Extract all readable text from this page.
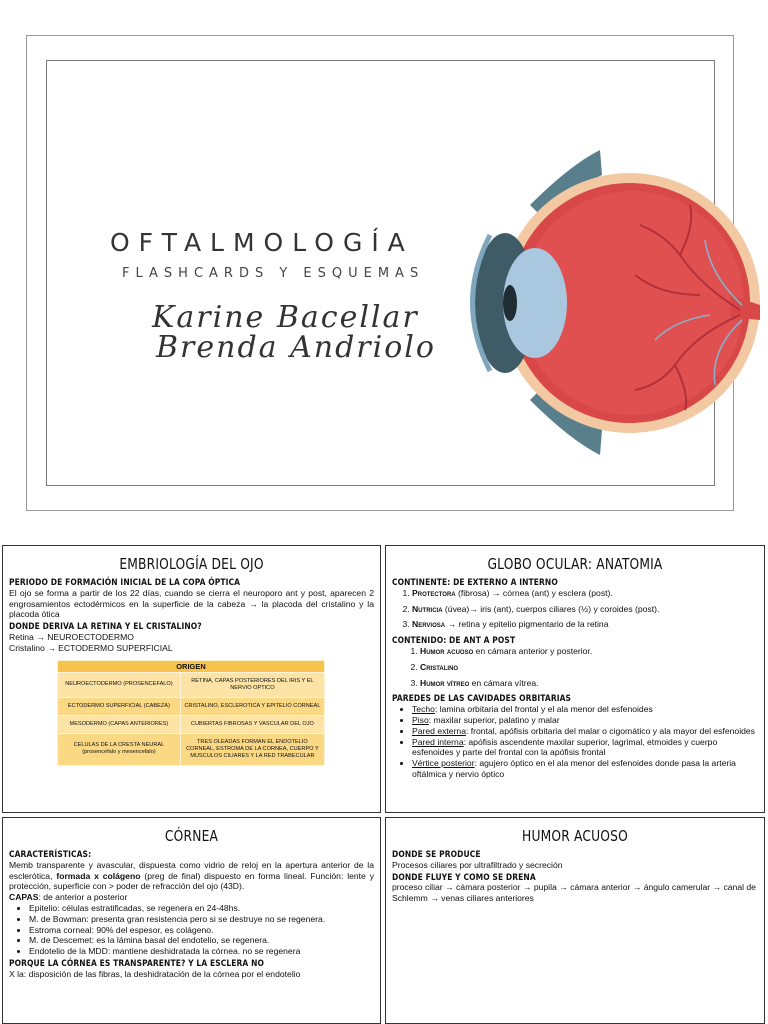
OFTALMOLOGÍA
FLASHCARDS Y ESQUEMAS
Karine Bacellar
Brenda Andriolo
EMBRIOLOGÍA DEL OJO
PERIODO DE FORMACIÓN INICIAL DE LA COPA ÓPTICA

El ojo se forma a partir de los 22 días, cuando se cierra el neuroporo ant y post, aparecen 2 engrosamientos ectodérmicos en la superficie de la cabeza → la placoda del cristalino y la placoda ótica

DONDE DERIVA LA RETINA Y EL CRISTALINO?

Retina → NEUROECTODERMO

Cristalino → ECTODERMO SUPERFICIAL

ORIGEN	
NEUROECTODERMO (PROSENCEFALO)	RETINA, CAPAS POSTERIORES DEL IRIS Y EL NERVIO OPTICO
ECTODERMO SUPERFICIAL (CABEZA)	CRISTALINO, ESCLEROTICA Y EPITELIO CORNEAL
MESODERMO (CAPAS ANTERIORES)	CUBIERTAS FIBROSAS Y VASCULAR DEL OJO
CELULAS DE LA CRESTA NEURAL (prosencefalo y mesencefalo)	TRES OLEADAS FORMAN EL ENDOTELIO CORNEAL, ESTROMA DE LA CORNEA, CUERPO Y MUSCULOS CILIARES Y LA RED TRABECULAR
GLOBO OCULAR: ANATOMIA
CONTINENTE: DE EXTERNO A INTERNO
1. Protectora (fibrosa) → córnea (ant) y esclera (post).
2. Nutricia (úvea)→ iris (ant), cuerpos ciliares (½) y coroides (post).
3. Nerviosa → retina y epitelio pigmentario de la retina
CONTENIDO: DE ANT A POST
1. Humor acuoso en cámara anterior y posterior.
2. Cristalino
3. Humor vítreo en cámara vítrea.
PAREDES DE LAS CAVIDADES ORBITARIAS
• Techo: lamina orbitaria del frontal y el ala menor del esfenoides
• Piso: maxilar superior, palatino y malar
• Pared externa: frontal, apófisis orbitaria del malar o cigomático y ala mayor del esfenoides
• Pared interna: apófisis ascendente maxilar superior, lagrimal, etmoides y cuerpo esfenoides y parte del frontal con la apófisis frontal
• Vértice posterior: agujero óptico en el ala menor del esfenoides donde pasa la arteria oftálmica y nervio óptico
CÓRNEA
CARACTERÍSTICAS:

Memb transparente y avascular, dispuesta como vidrio de reloj en la apertura anterior de la esclerótica, formada x colágeno (preg de final) dispuesto en forma lineal. Función: lente y protección, superficie con > poder de refracción del ojo (43D).

CAPAS: de anterior a posterior

• Epitelio: células estratificadas, se regenera en 24-48hs.
• M. de Bowman: presenta gran resistencia pero si se destruye no se regenera.
• Estroma corneal: 90% del espesor, es colágeno.
• M. de Descemet: es la lámina basal del endotelio, se regenera.
• Endotelio de la MDD: mantiene deshidratada la córnea. no se regenera
PORQUE LA CÓRNEA ES TRANSPARENTE? Y LA ESCLERA NO

X la: disposición de las fibras, la deshidratación de la córnea por el endotelio

HUMOR ACUOSO
DONDE SE PRODUCE

Procesos ciliares por ultrafiltrado y secreción

DONDE FLUYE Y COMO SE DRENA

proceso ciliar → cámara posterior → pupila → cámara anterior → ángulo camerular → canal de Schlemm → venas ciliares anteriores
